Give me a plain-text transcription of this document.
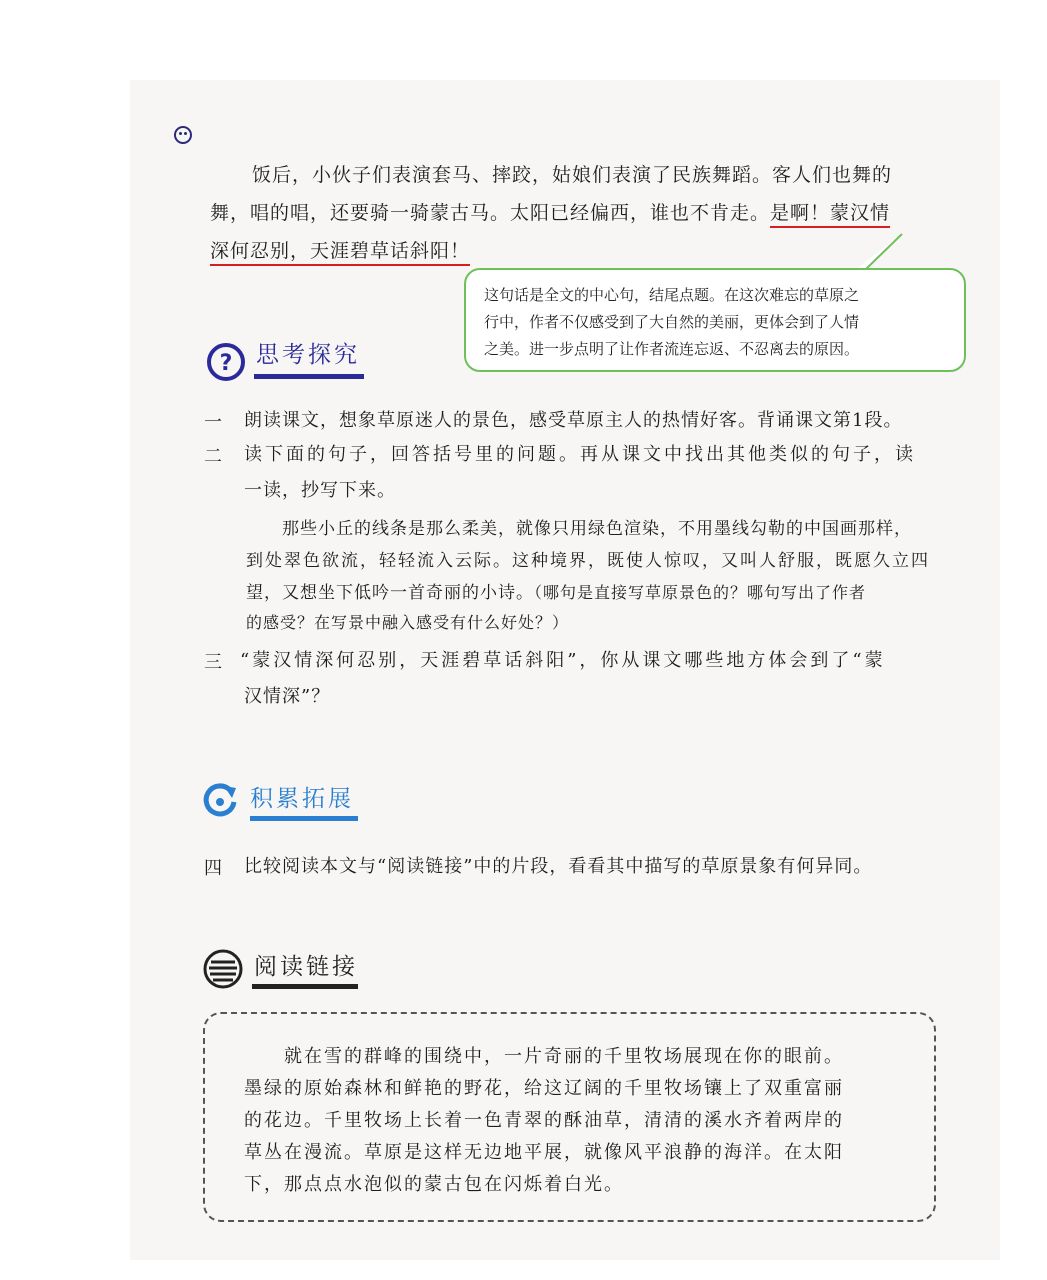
饭后，小伙子们表演套马、摔跤，姑娘们表演了民族舞蹈。客人们也舞的
舞，唱的唱，还要骑一骑蒙古马。太阳已经偏西，谁也不肯走。是啊！蒙汉情
深何忍别，天涯碧草话斜阳！
这句话是全文的中心句，结尾点题。在这次难忘的草原之
行中，作者不仅感受到了大自然的美丽，更体会到了人情
之美。进一步点明了让作者流连忘返、不忍离去的原因。
? 思考探究
一 朗读课文，想象草原迷人的景色，感受草原主人的热情好客。背诵课文第1段。
二 读下面的句子，回答括号里的问题。再从课文中找出其他类似的句子，读
一读，抄写下来。
那些小丘的线条是那么柔美，就像只用绿色渲染，不用墨线勾勒的中国画那样，
到处翠色欲流，轻轻流入云际。这种境界，既使人惊叹，又叫人舒服，既愿久立四
望，又想坐下低吟一首奇丽的小诗。（哪句是直接写草原景色的？哪句写出了作者
的感受？在写景中融入感受有什么好处？）
三 “蒙汉情深何忍别，天涯碧草话斜阳”，你从课文哪些地方体会到了“蒙
汉情深”？
积累拓展
四 比较阅读本文与“阅读链接”中的片段，看看其中描写的草原景象有何异同。
阅读链接
就在雪的群峰的围绕中，一片奇丽的千里牧场展现在你的眼前。
墨绿的原始森林和鲜艳的野花，给这辽阔的千里牧场镶上了双重富丽
的花边。千里牧场上长着一色青翠的酥油草，清清的溪水齐着两岸的
草丛在漫流。草原是这样无边地平展，就像风平浪静的海洋。在太阳
下，那点点水泡似的蒙古包在闪烁着白光。
